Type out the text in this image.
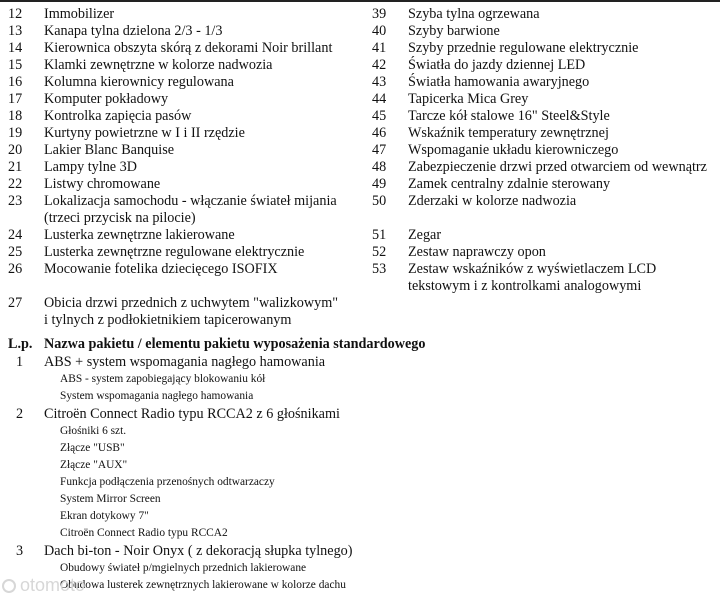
12	Immobilizer
13	Kanapa tylna dzielona 2/3 - 1/3
14	Kierownica obszyta skórą z dekorami Noir brillant
15	Klamki zewnętrzne w kolorze nadwozia
16	Kolumna kierownicy regulowana
17	Komputer pokładowy
18	Kontrolka zapięcia pasów
19	Kurtyny powietrzne w I i II rzędzie
20	Lakier Blanc Banquise
21	Lampy tylne 3D
22	Listwy chromowane
23	Lokalizacja samochodu - włączanie świateł mijania
(trzeci przycisk na pilocie)
24	Lusterka zewnętrzne lakierowane
25	Lusterka zewnętrzne regulowane elektrycznie
26	Mocowanie fotelika dziecięcego ISOFIX
27	Obicia drzwi przednich z uchwytem "walizkowym"
i tylnych z podłokietnikiem tapicerowanym
39	Szyba tylna ogrzewana
40	Szyby barwione
41	Szyby przednie regulowane elektrycznie
42	Światła do jazdy dziennej LED
43	Światła hamowania awaryjnego
44	Tapicerka Mica Grey
45	Tarcze kół stalowe 16" Steel&Style
46	Wskaźnik temperatury zewnętrznej
47	Wspomaganie układu kierowniczego
48	Zabezpieczenie drzwi przed otwarciem od wewnątrz
49	Zamek centralny zdalnie sterowany
50	Zderzaki w kolorze nadwozia
51	Zegar
52	Zestaw naprawczy opon
53	Zestaw wskaźników z wyświetlaczem LCD
tekstowym i z kontrolkami analogowymi
L.p. Nazwa pakietu / elementu pakietu wyposażenia standardowego
1	ABS + system wspomagania nagłego hamowania
ABS - system zapobiegający blokowaniu kół
System wspomagania nagłego hamowania
2	Citroën Connect Radio typu RCCA2 z 6 głośnikami
Głośniki 6 szt.
Złącze "USB"
Złącze "AUX"
Funkcja podłączenia przenośnych odtwarzaczy
System Mirror Screen
Ekran dotykowy 7"
Citroën Connect Radio typu RCCA2
3	Dach bi-ton - Noir Onyx ( z dekoracją słupka tylnego)
Obudowy świateł p/mgielnych przednich lakierowane
Obudowa lusterek zewnętrznych lakierowane w kolorze dachu
otomoto
